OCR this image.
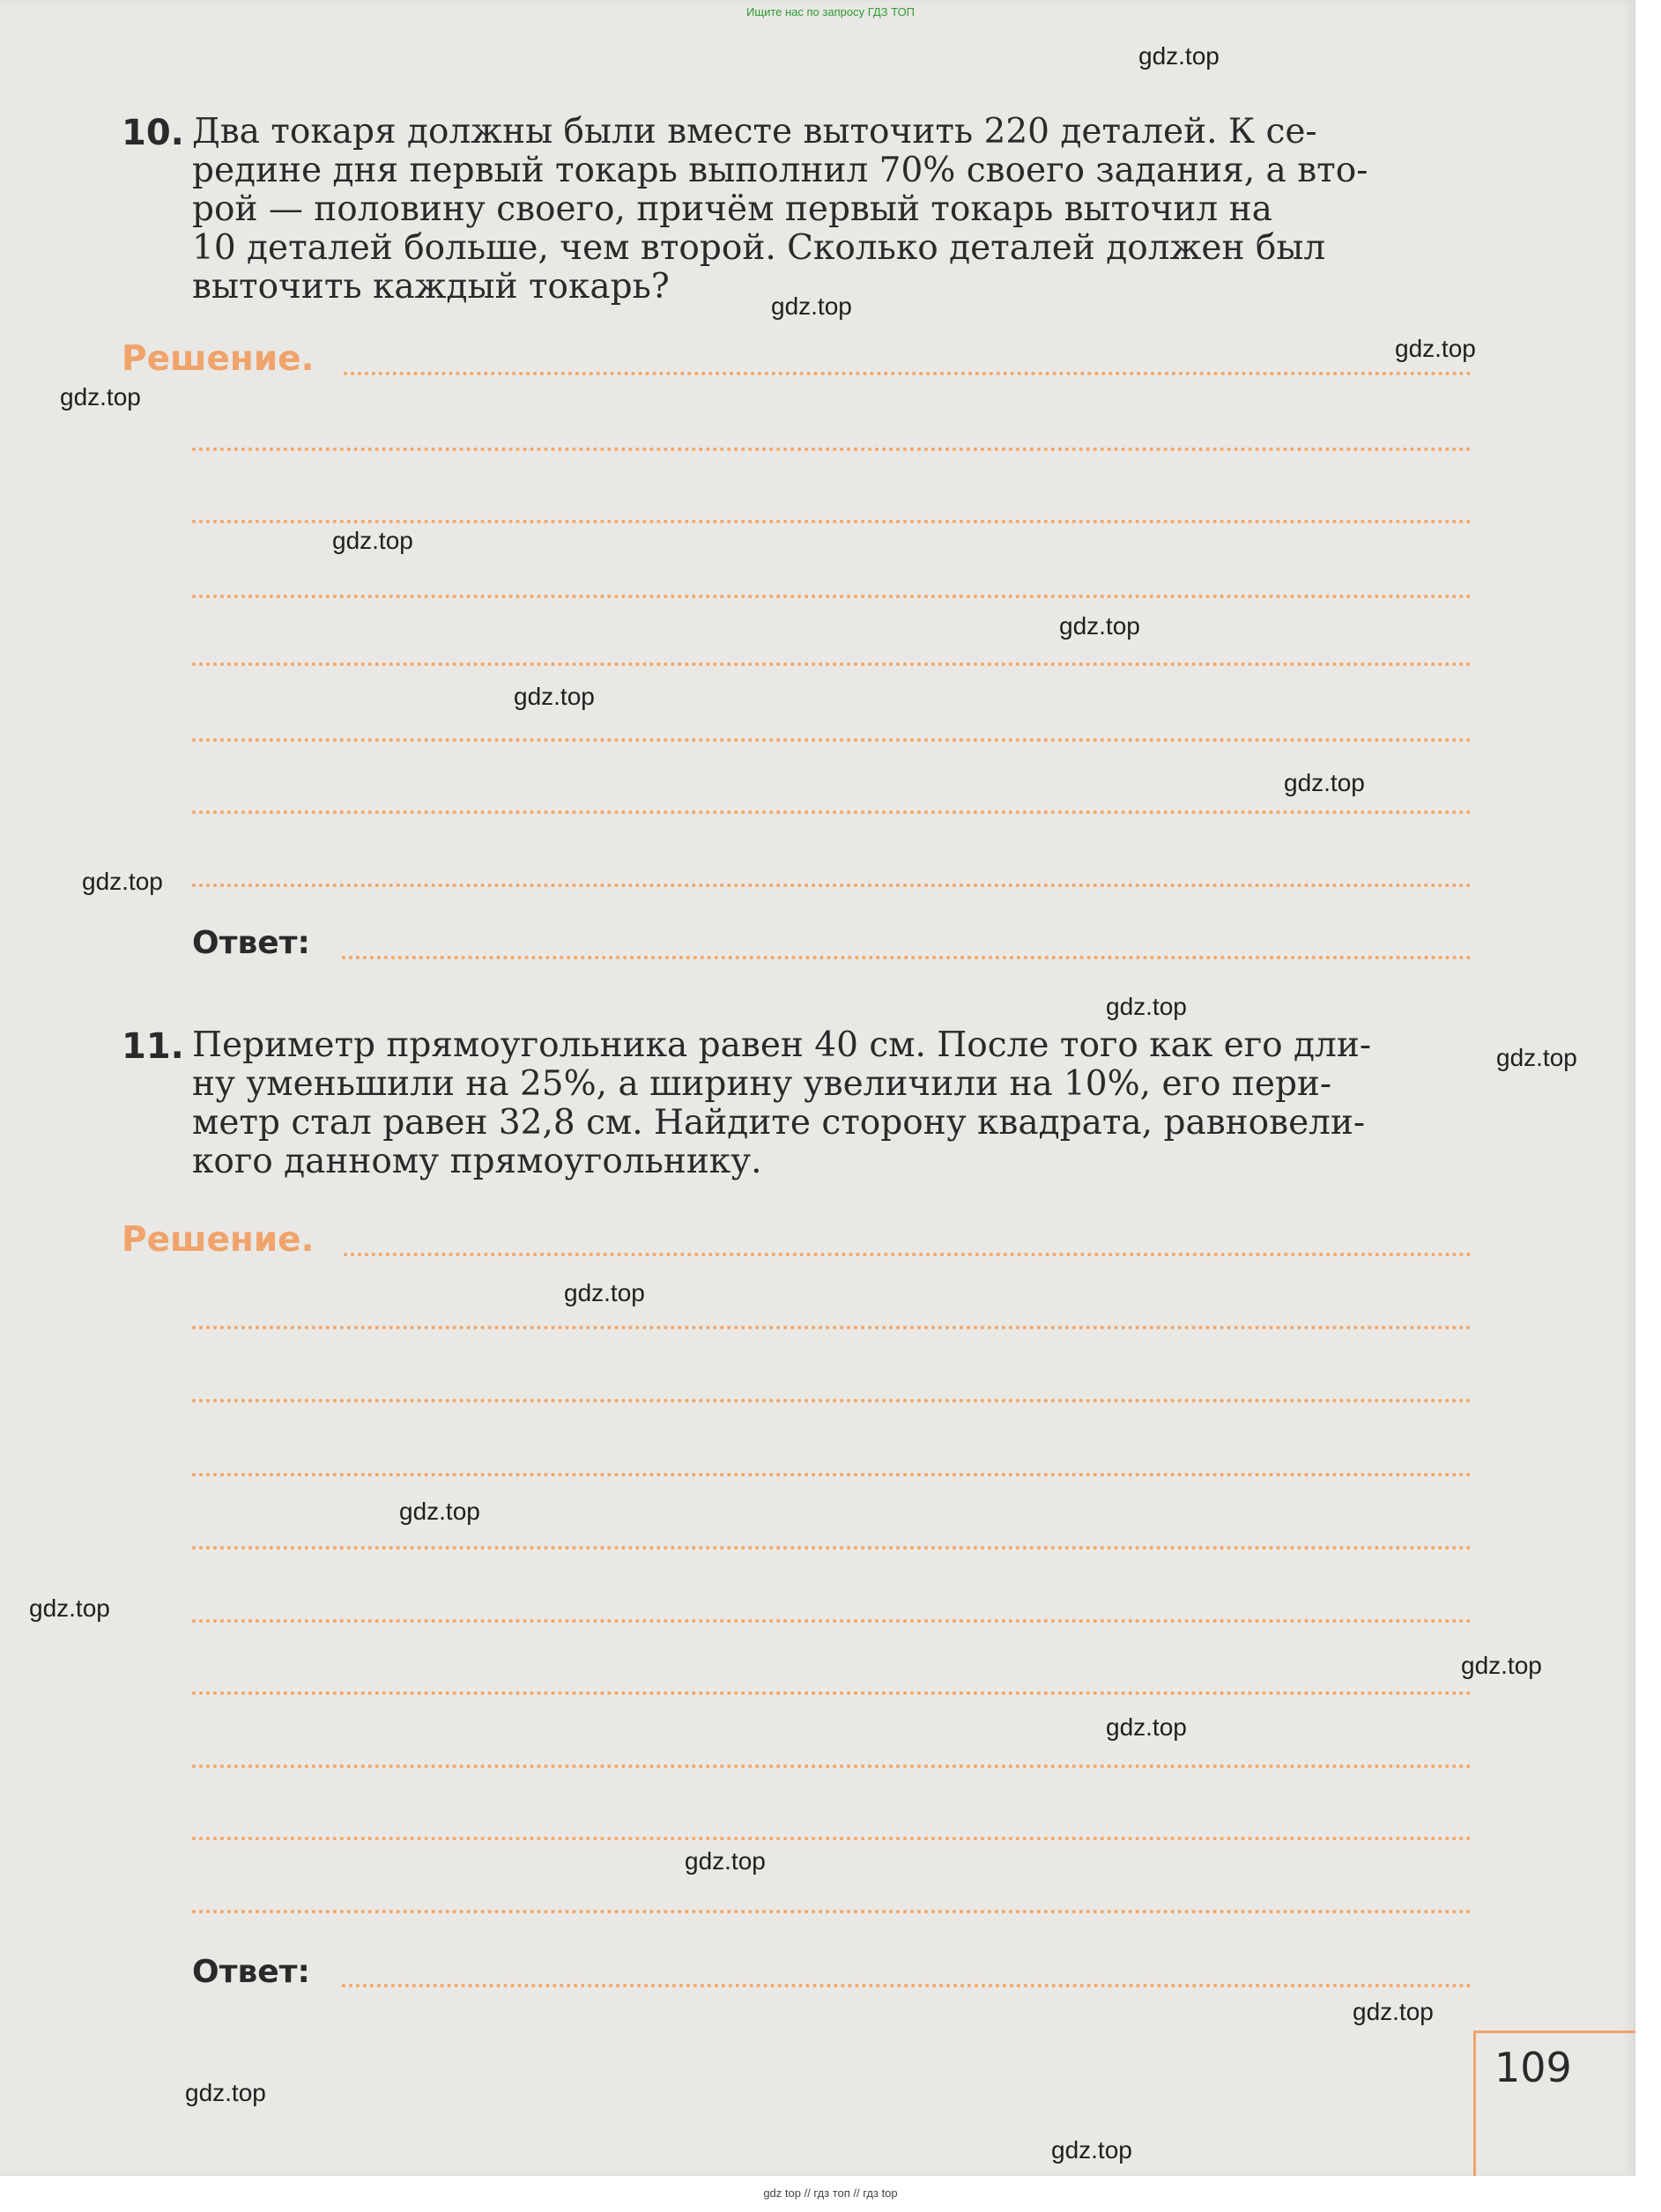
Ищите нас по запросу ГДЗ ТОП
10. Два токаря должны были вместе выточить 220 деталей. К се-
редине дня первый токарь выполнил 70% своего задания, а вто-
рой — половину своего, причём первый токарь выточил на
10 деталей больше, чем второй. Сколько деталей должен был
выточить каждый токарь?
Решение.
Ответ:
11. Периметр прямоугольника равен 40 см. После того как его дли-
ну уменьшили на 25%, а ширину увеличили на 10%, его пери-
метр стал равен 32,8 см. Найдите сторону квадрата, равновели-
кого данному прямоугольнику.
Решение.
Ответ:
109
gdz.top
gdz.top
gdz.top
gdz.top
gdz.top
gdz.top
gdz.top
gdz.top
gdz.top
gdz.top
gdz.top
gdz.top
gdz.top
gdz.top
gdz.top
gdz.top
gdz.top
gdz.top
gdz.top
gdz.top
gdz top // гдз топ // гдз top
